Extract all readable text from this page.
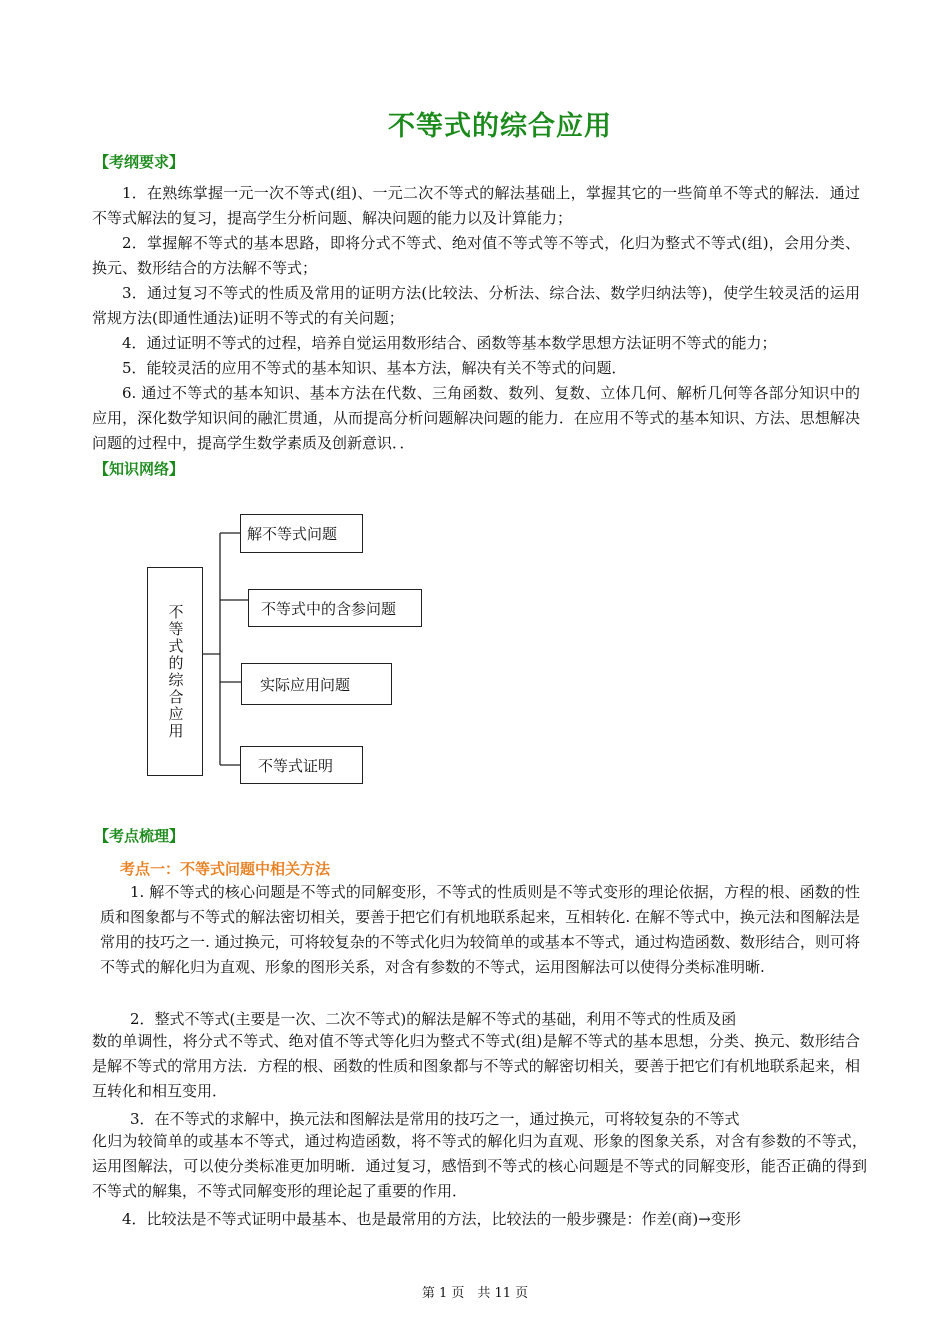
不等式的综合应用
【考纲要求】
1．在熟练掌握一元一次不等式(组)、一元二次不等式的解法基础上，掌握其它的一些简单不等式的解法．通过不等式解法的复习，提高学生分析问题、解决问题的能力以及计算能力；
2．掌握解不等式的基本思路，即将分式不等式、绝对值不等式等不等式，化归为整式不等式(组)，会用分类、换元、数形结合的方法解不等式；
3．通过复习不等式的性质及常用的证明方法(比较法、分析法、综合法、数学归纳法等)，使学生较灵活的运用常规方法(即通性通法)证明不等式的有关问题；
4．通过证明不等式的过程，培养自觉运用数形结合、函数等基本数学思想方法证明不等式的能力；
5．能较灵活的应用不等式的基本知识、基本方法，解决有关不等式的问题．
6. 通过不等式的基本知识、基本方法在代数、三角函数、数列、复数、立体几何、解析几何等各部分知识中的应用，深化数学知识间的融汇贯通，从而提高分析问题解决问题的能力．在应用不等式的基本知识、方法、思想解决问题的过程中，提高学生数学素质及创新意识．．
【知识网络】
不等式的综合应用
解不等式问题
不等式中的含参问题
实际应用问题
不等式证明
【考点梳理】
考点一：不等式问题中相关方法
1. 解不等式的核心问题是不等式的同解变形，不等式的性质则是不等式变形的理论依据，方程的根、函数的性质和图象都与不等式的解法密切相关，要善于把它们有机地联系起来，互相转化. 在解不等式中，换元法和图解法是常用的技巧之一. 通过换元，可将较复杂的不等式化归为较简单的或基本不等式，通过构造函数、数形结合，则可将不等式的解化归为直观、形象的图形关系，对含有参数的不等式，运用图解法可以使得分类标准明晰.
2．整式不等式(主要是一次、二次不等式)的解法是解不等式的基础，利用不等式的性质及函
数的单调性，将分式不等式、绝对值不等式等化归为整式不等式(组)是解不等式的基本思想，分类、换元、数形结合是解不等式的常用方法．方程的根、函数的性质和图象都与不等式的解密切相关，要善于把它们有机地联系起来，相互转化和相互变用．
3．在不等式的求解中，换元法和图解法是常用的技巧之一，通过换元，可将较复杂的不等式
化归为较简单的或基本不等式，通过构造函数，将不等式的解化归为直观、形象的图象关系，对含有参数的不等式，运用图解法，可以使分类标准更加明晰．通过复习，感悟到不等式的核心问题是不等式的同解变形，能否正确的得到不等式的解集，不等式同解变形的理论起了重要的作用．
4．比较法是不等式证明中最基本、也是最常用的方法，比较法的一般步骤是：作差(商)→变形
第 1 页　共 11 页
